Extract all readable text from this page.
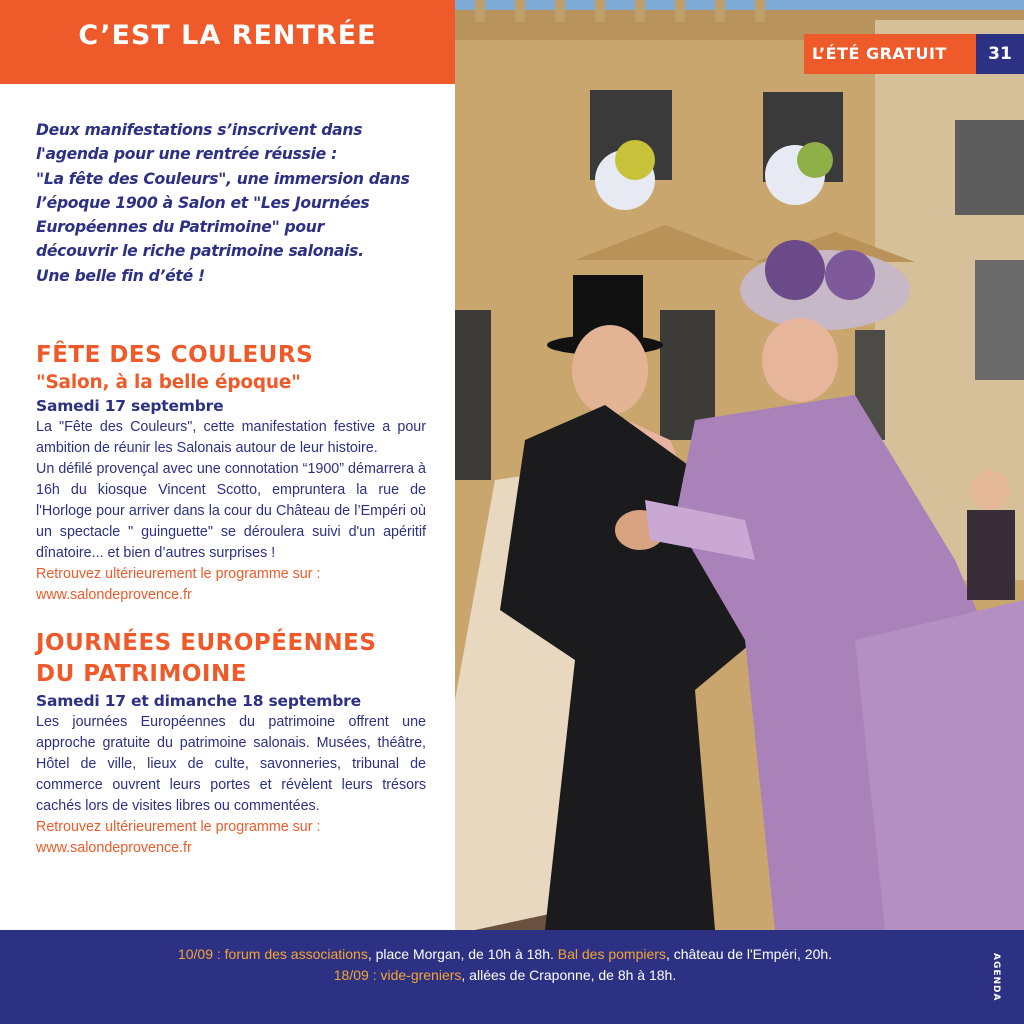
C’EST LA RENTRÉE
Deux manifestations s’inscrivent dans
l'agenda pour une rentrée réussie :
"La fête des Couleurs", une immersion dans
l’époque 1900 à Salon et "Les Journées
Européennes du Patrimoine" pour
découvrir le riche patrimoine salonais.
Une belle fin d’été !
FÊTE DES COULEURS
"Salon, à la belle époque"
Samedi 17 septembre
La "Fête des Couleurs", cette manifestation festive a pour ambition de réunir les Salonais autour de leur histoire.
Un défilé provençal avec une connotation “1900” démarrera à 16h du kiosque Vincent Scotto, empruntera la rue de l'Horloge pour arriver dans la cour du Château de l’Empéri où un spectacle " guinguette" se déroulera suivi d'un apéritif dînatoire... et bien d’autres surprises !
Retrouvez ultérieurement le programme sur :
www.salondeprovence.fr
JOURNÉES EUROPÉENNES
DU PATRIMOINE
Samedi 17 et dimanche 18 septembre
Les journées Européennes du patrimoine offrent une approche gratuite du patrimoine salonais. Musées, théâtre, Hôtel de ville, lieux de culte, savonneries, tribunal de commerce ouvrent leurs portes et révèlent leurs trésors cachés lors de visites libres ou commentées.
Retrouvez ultérieurement le programme sur :
www.salondeprovence.fr
L’ÉTÉ GRATUIT	31
10/09 : forum des associations, place Morgan, de 10h à 18h. Bal des pompiers, château de l'Empéri, 20h.
18/09 : vide-greniers, allées de Craponne, de 8h à 18h.	AGENDA
